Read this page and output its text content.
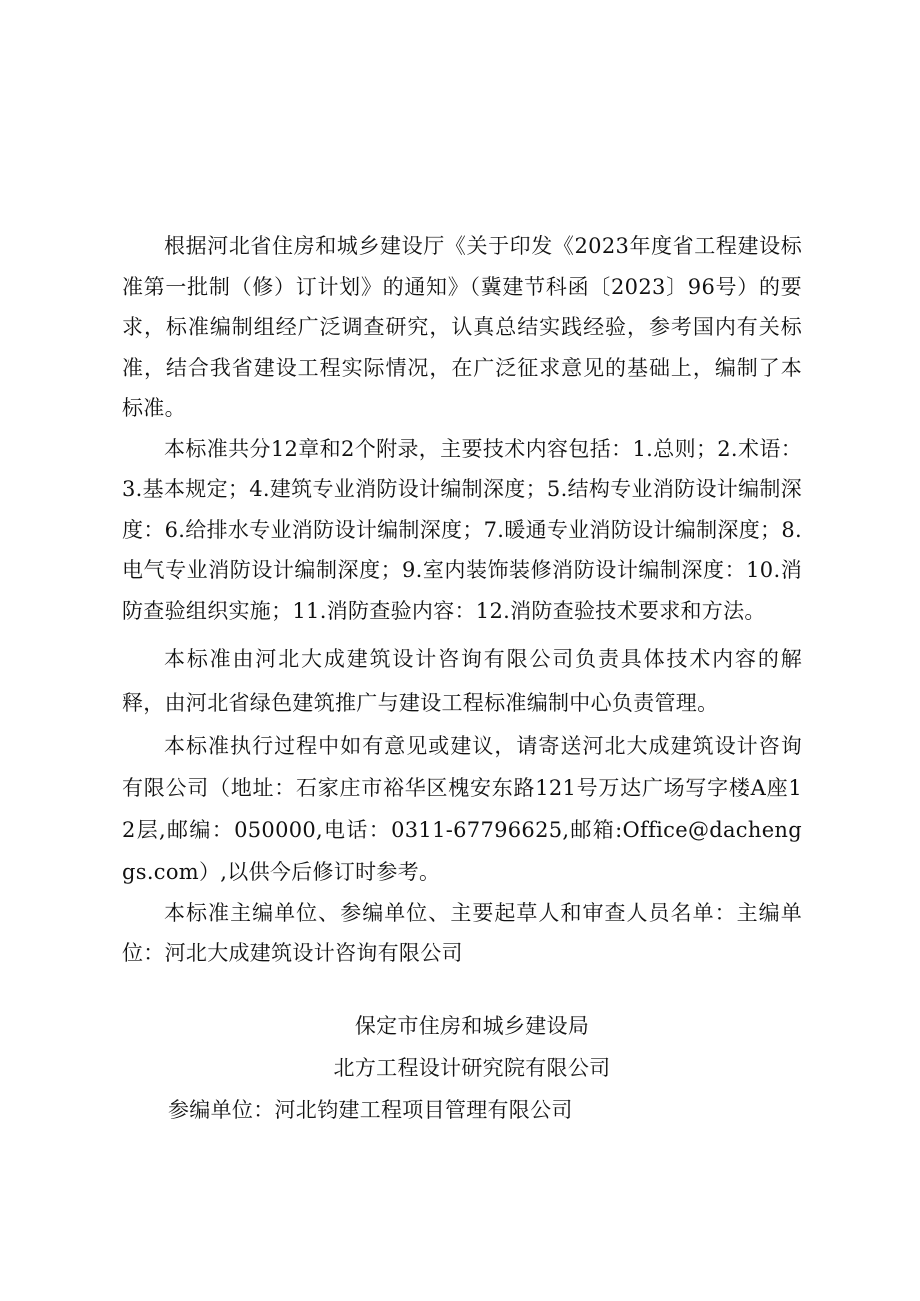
根据河北省住房和城乡建设厅《关于印发《2023年度省工程建设标准第一批制（修）订计划》的通知》（冀建节科函〔2023〕96号）的要求，标准编制组经广泛调查研究，认真总结实践经验，参考国内有关标准，结合我省建设工程实际情况，在广泛征求意见的基础上，编制了本标准。

本标准共分12章和2个附录，主要技术内容包括：1.总则；2.术语：3.基本规定；4.建筑专业消防设计编制深度；5.结构专业消防设计编制深度：6.给排水专业消防设计编制深度；7.暖通专业消防设计编制深度；8.电气专业消防设计编制深度；9.室内装饰装修消防设计编制深度：10.消防查验组织实施；11.消防查验内容：12.消防查验技术要求和方法。

本标准由河北大成建筑设计咨询有限公司负责具体技术内容的解释，由河北省绿色建筑推广与建设工程标准编制中心负责管理。

本标准执行过程中如有意见或建议，请寄送河北大成建筑设计咨询有限公司（地址：石家庄市裕华区槐安东路121号万达广场写字楼A座12层,邮编：050000,电话：0311-67796625,邮箱:Office@dachenggs.com）,以供今后修订时参考。

本标准主编单位、参编单位、主要起草人和审查人员名单：主编单位：河北大成建筑设计咨询有限公司

保定市住房和城乡建设局
北方工程设计研究院有限公司
参编单位：河北钧建工程项目管理有限公司
